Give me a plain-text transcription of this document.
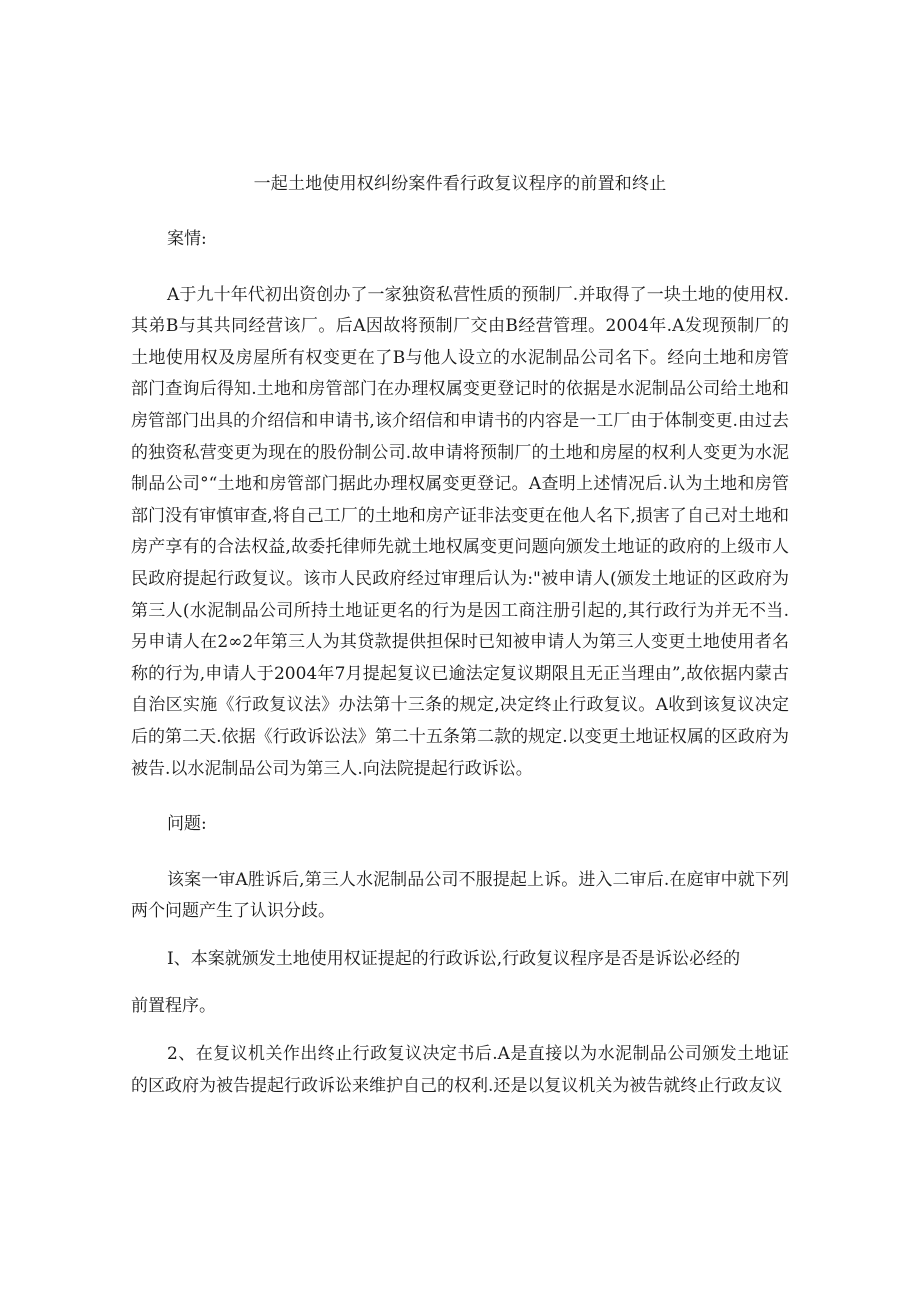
一起土地使用权纠纷案件看行政复议程序的前置和终止

案情:

A于九十年代初出资创办了一家独资私营性质的预制厂.并取得了一块土地的使用权.其弟B与其共同经营该厂。后A因故将预制厂交由B经营管理。2004年.A发现预制厂的土地使用权及房屋所有权变更在了B与他人设立的水泥制品公司名下。经向土地和房管部门查询后得知.土地和房管部门在办理权属变更登记时的依据是水泥制品公司给土地和房管部门出具的介绍信和申请书,该介绍信和申请书的内容是一工厂由于体制变更.由过去的独资私营变更为现在的股份制公司.故申请将预制厂的土地和房屋的权利人变更为水泥制品公司°“土地和房管部门据此办理权属变更登记。A查明上述情况后.认为土地和房管部门没有审慎审查,将自己工厂的土地和房产证非法变更在他人名下,损害了自己对土地和房产享有的合法权益,故委托律师先就土地权属变更问题向颁发土地证的政府的上级市人民政府提起行政复议。该市人民政府经过审理后认为:"被申请人(颁发土地证的区政府为第三人(水泥制品公司所持土地证更名的行为是因工商注册引起的,其行政行为并无不当.另申请人在2∞2年第三人为其贷款提供担保时已知被申请人为第三人变更土地使用者名称的行为,申请人于2004年7月提起复议已逾法定复议期限且无正当理由”,故依据内蒙古自治区实施《行政复议法》办法第十三条的规定,决定终止行政复议。A收到该复议决定后的第二天.依据《行政诉讼法》第二十五条第二款的规定.以变更土地证权属的区政府为被告.以水泥制品公司为第三人.向法院提起行政诉讼。

问题:

该案一审A胜诉后,第三人水泥制品公司不服提起上诉。进入二审后.在庭审中就下列两个问题产生了认识分歧。

I、本案就颁发土地使用权证提起的行政诉讼,行政复议程序是否是诉讼必经的

前置程序。

2、在复议机关作出终止行政复议决定书后.A是直接以为水泥制品公司颁发土地证的区政府为被告提起行政诉讼来维护自己的权利.还是以复议机关为被告就终止行政友议
